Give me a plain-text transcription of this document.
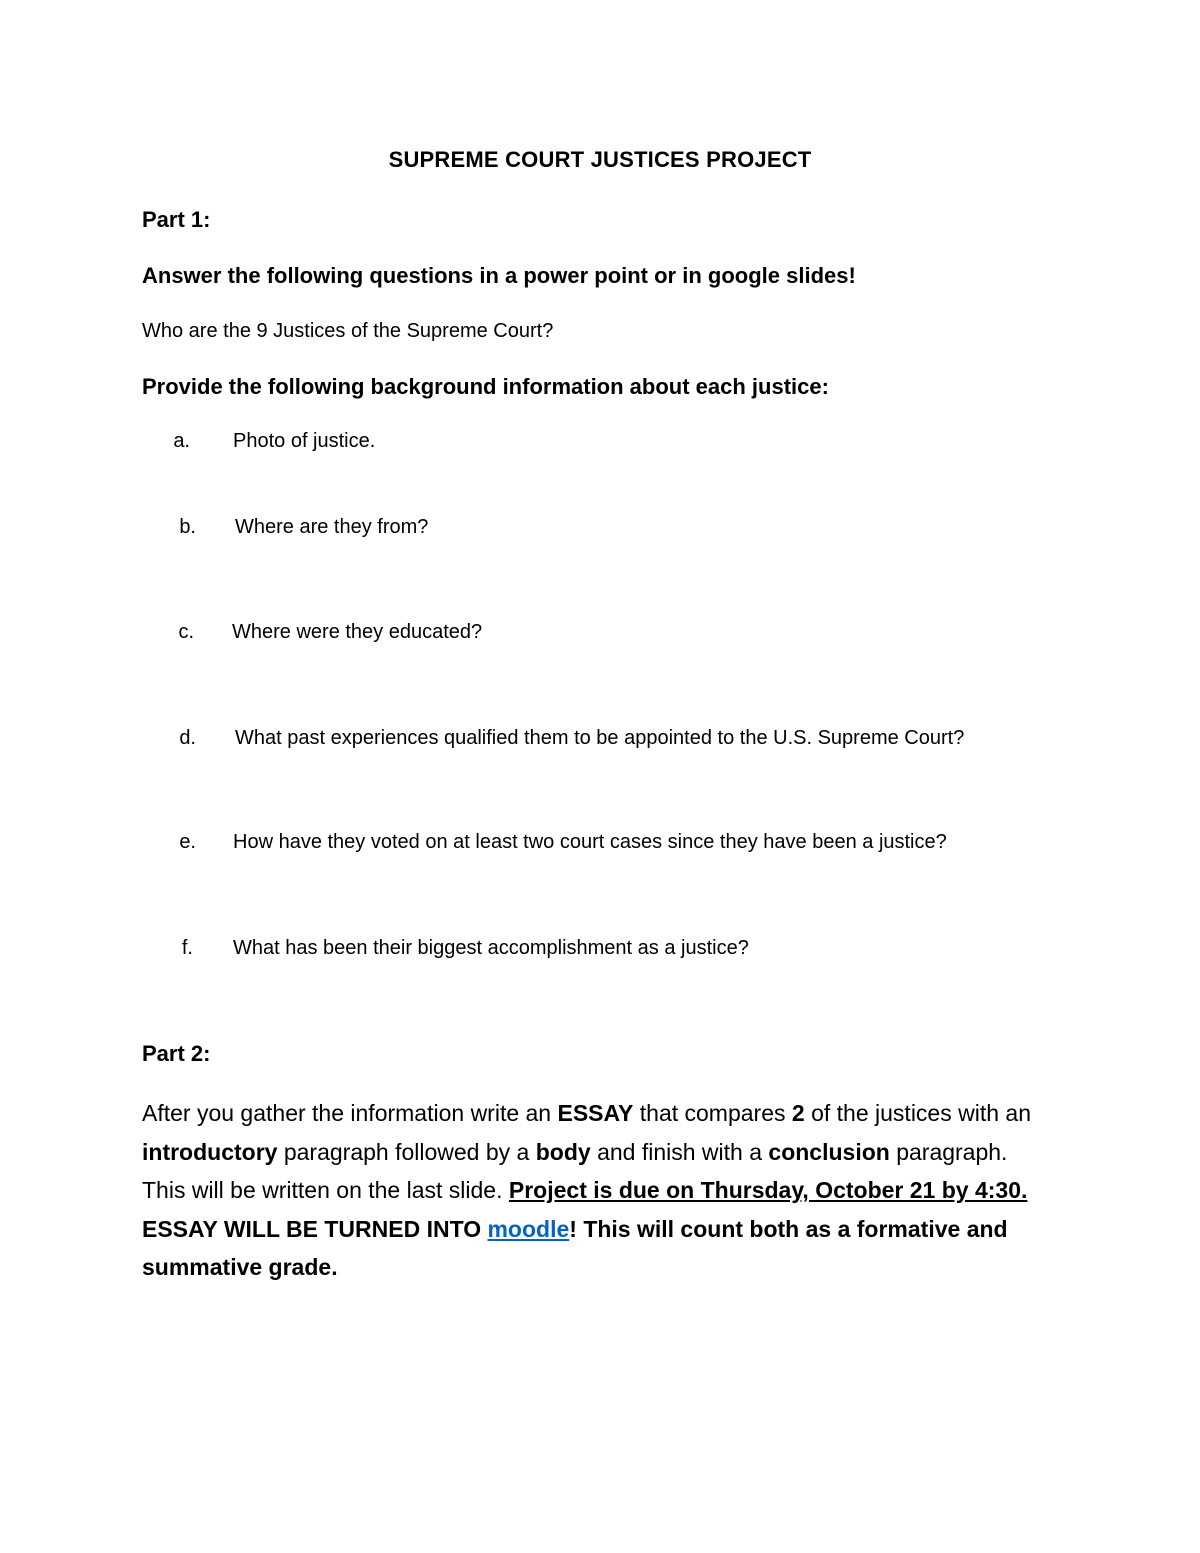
SUPREME COURT JUSTICES PROJECT
Part 1:
Answer the following questions in a power point or in google slides!
Who are the 9 Justices of the Supreme Court?
Provide the following background information about each justice:
a. Photo of justice.
b. Where are they from?
c. Where were they educated?
d. What past experiences qualified them to be appointed to the U.S. Supreme Court?
e. How have they voted on at least two court cases since they have been a justice?
f. What has been their biggest accomplishment as a justice?
Part 2:
After you gather the information write an ESSAY that compares 2 of the justices with an introductory paragraph followed by a body and finish with a conclusion paragraph. This will be written on the last slide. Project is due on Thursday, October 21 by 4:30. ESSAY WILL BE TURNED INTO moodle! This will count both as a formative and summative grade.
